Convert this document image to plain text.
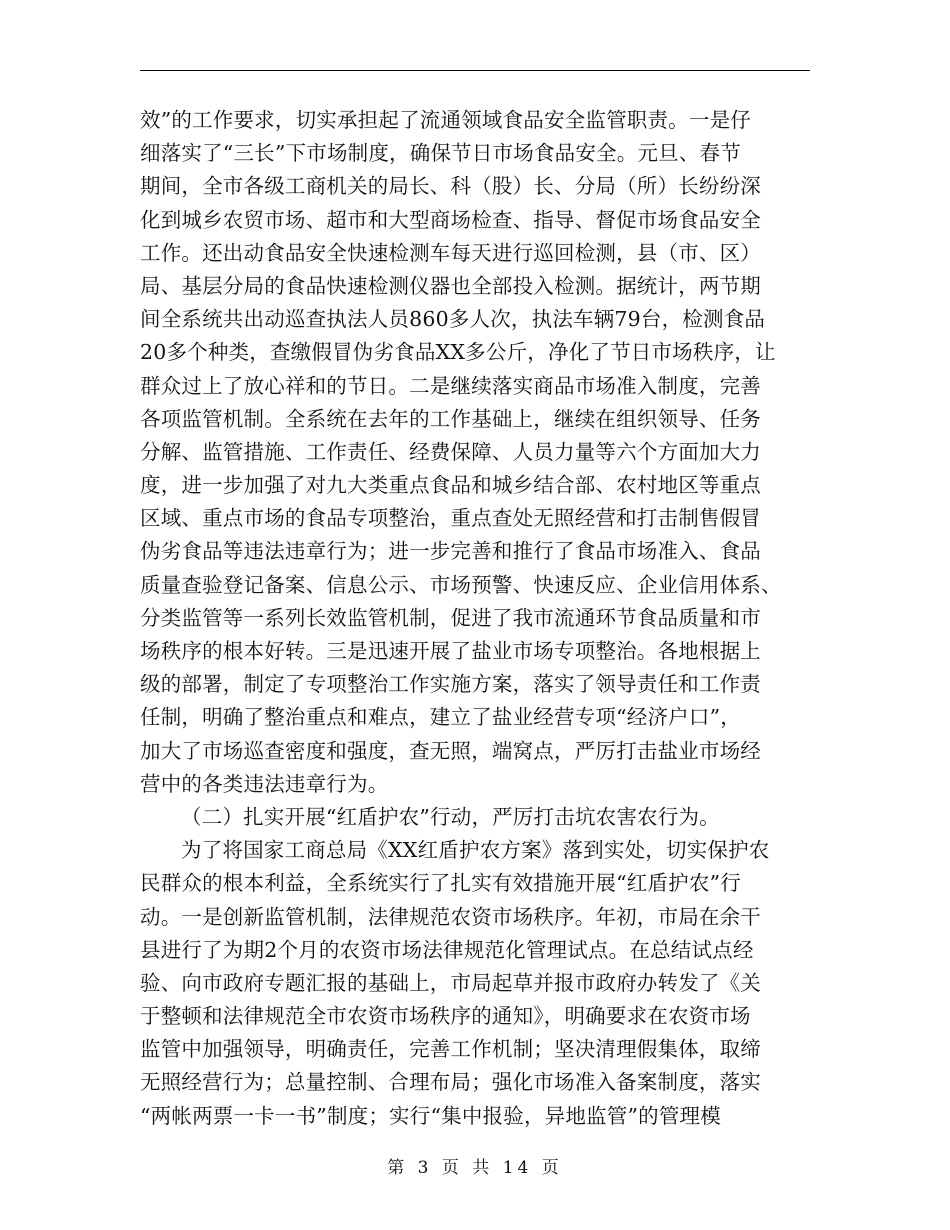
效”的工作要求，切实承担起了流通领域食品安全监管职责。一是仔
细落实了“三长”下市场制度，确保节日市场食品安全。元旦、春节
期间，全市各级工商机关的局长、科（股）长、分局（所）长纷纷深
化到城乡农贸市场、超市和大型商场检查、指导、督促市场食品安全
工作。还出动食品安全快速检测车每天进行巡回检测，县（市、区）
局、基层分局的食品快速检测仪器也全部投入检测。据统计，两节期
间全系统共出动巡查执法人员860多人次，执法车辆79台，检测食品
20多个种类，查缴假冒伪劣食品XX多公斤，净化了节日市场秩序，让
群众过上了放心祥和的节日。二是继续落实商品市场准入制度，完善
各项监管机制。全系统在去年的工作基础上，继续在组织领导、任务
分解、监管措施、工作责任、经费保障、人员力量等六个方面加大力
度，进一步加强了对九大类重点食品和城乡结合部、农村地区等重点
区域、重点市场的食品专项整治，重点查处无照经营和打击制售假冒
伪劣食品等违法违章行为；进一步完善和推行了食品市场准入、食品
质量查验登记备案、信息公示、市场预警、快速反应、企业信用体系、
分类监管等一系列长效监管机制，促进了我市流通环节食品质量和市
场秩序的根本好转。三是迅速开展了盐业市场专项整治。各地根据上
级的部署，制定了专项整治工作实施方案，落实了领导责任和工作责
任制，明确了整治重点和难点，建立了盐业经营专项“经济户口”，
加大了市场巡查密度和强度，查无照，端窝点，严厉打击盐业市场经
营中的各类违法违章行为。
（二）扎实开展“红盾护农”行动，严厉打击坑农害农行为。
为了将国家工商总局《XX红盾护农方案》落到实处，切实保护农
民群众的根本利益，全系统实行了扎实有效措施开展“红盾护农”行
动。一是创新监管机制，法律规范农资市场秩序。年初，市局在余干
县进行了为期2个月的农资市场法律规范化管理试点。在总结试点经
验、向市政府专题汇报的基础上，市局起草并报市政府办转发了《关
于整顿和法律规范全市农资市场秩序的通知》，明确要求在农资市场
监管中加强领导，明确责任，完善工作机制；坚决清理假集体，取缔
无照经营行为；总量控制、合理布局；强化市场准入备案制度，落实
“两帐两票一卡一书”制度；实行“集中报验，异地监管”的管理模
第 3 页 共 14 页
